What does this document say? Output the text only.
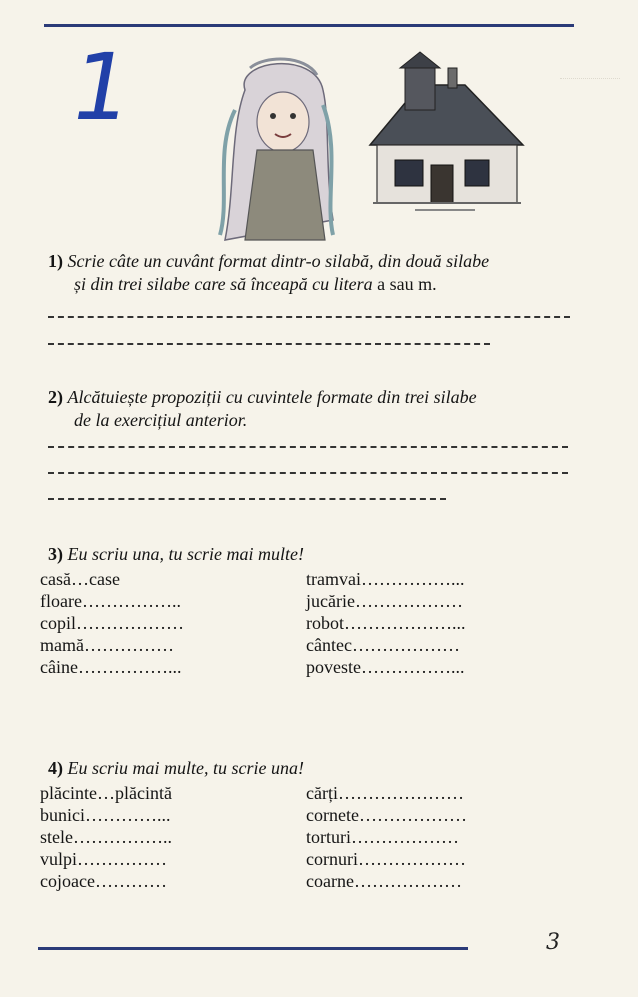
1
1) Scrie câte un cuvânt format dintr-o silabă, din două silabe
și din trei silabe care să înceapă cu litera a sau m.
2) Alcătuiește propoziții cu cuvintele formate din trei silabe
de la exercițiul anterior.
3) Eu scriu una, tu scrie mai multe!
casă…case
floare……………..
copil………………
mamă……………
câine……………...
tramvai……………...
jucărie………………
robot………………...
cântec………………
poveste……………...
4) Eu scriu mai multe, tu scrie una!
plăcinte…plăcintă
bunici…………...
stele……………..
vulpi……………
cojoace…………
cărți…………………
cornete………………
torturi………………
cornuri………………
coarne………………
3
